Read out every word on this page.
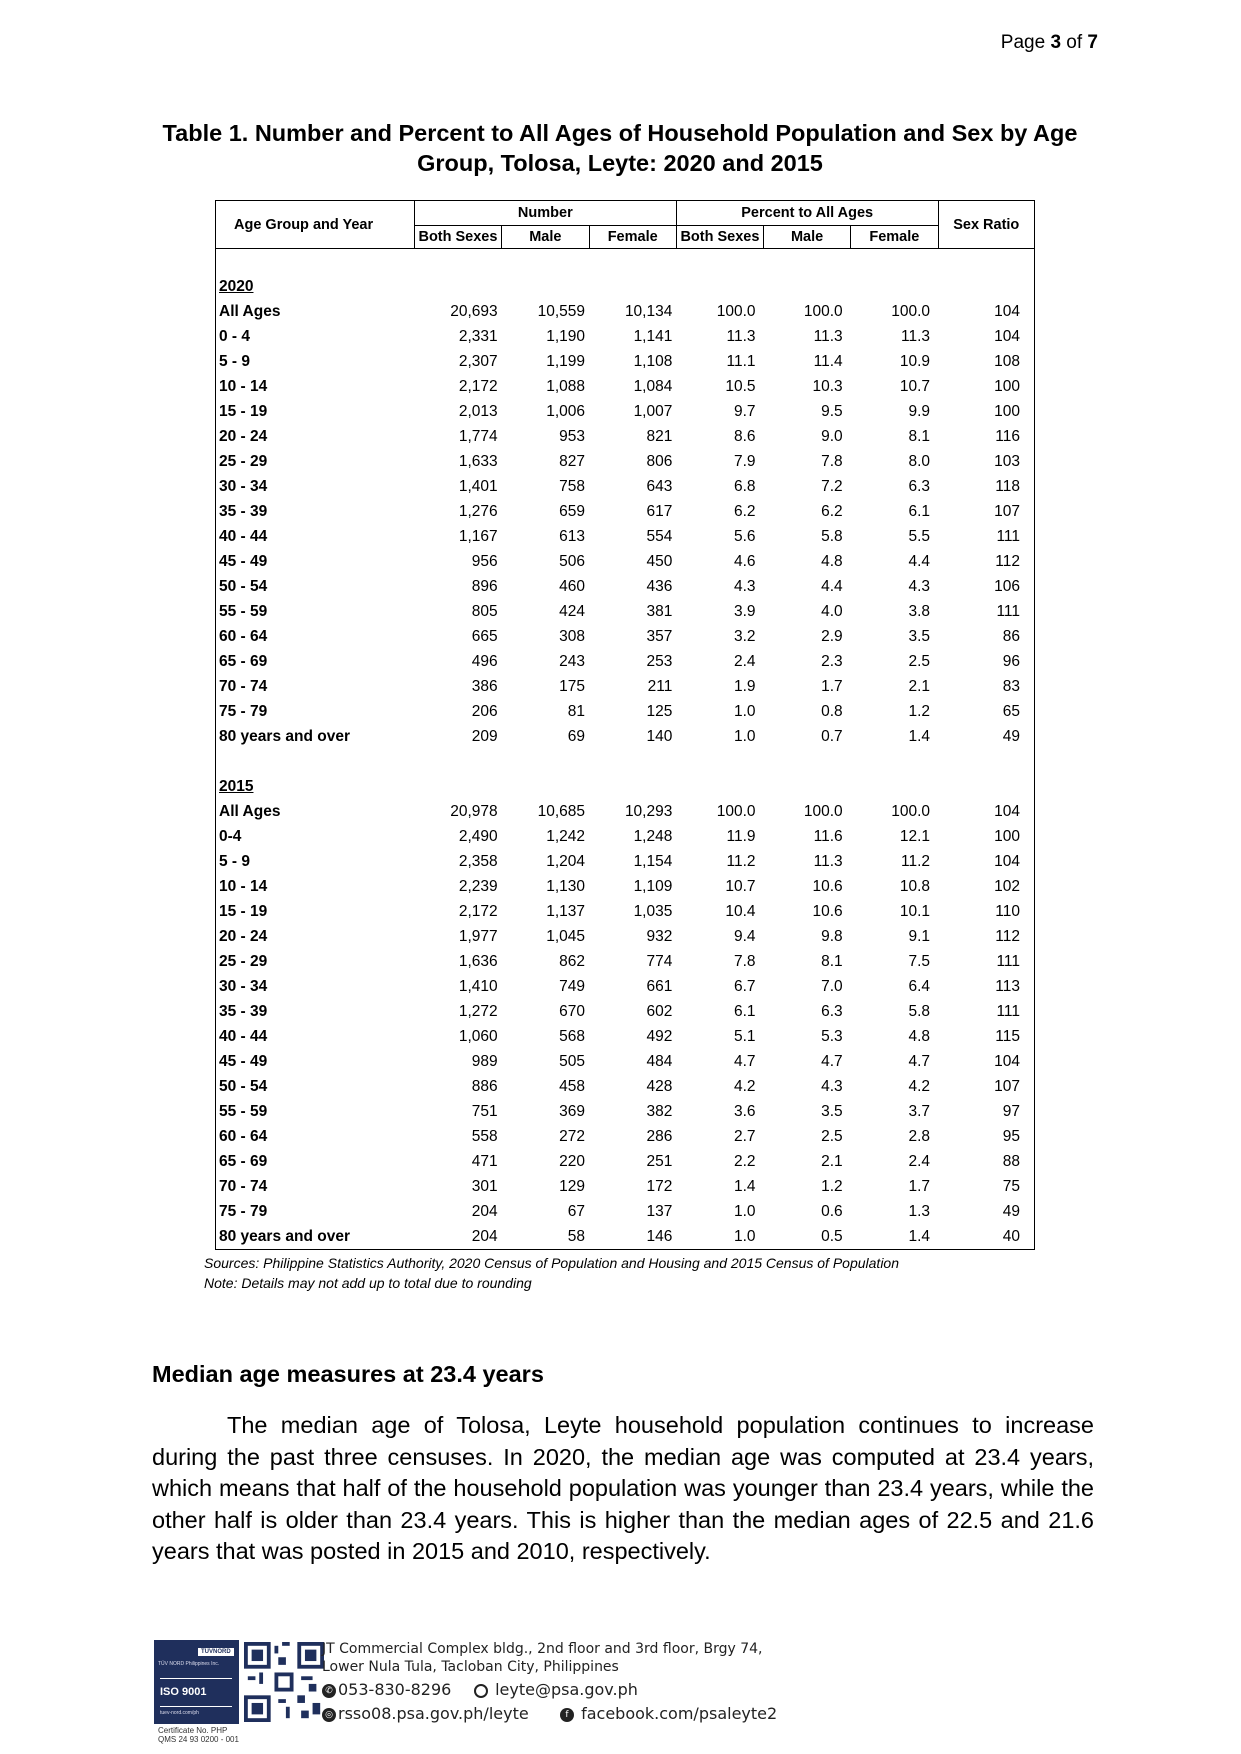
Page 3 of 7
Table 1. Number and Percent to All Ages of Household Population and Sex by Age Group, Tolosa, Leyte: 2020 and 2015
Age Group and Year	Number			Percent to All Ages			Sex Ratio
	Both Sexes	Male	Female	Both Sexes	Male	Female	

2020							
All Ages	20,693	10,559	10,134	100.0	100.0	100.0	104
0 - 4	2,331	1,190	1,141	11.3	11.3	11.3	104
5 - 9	2,307	1,199	1,108	11.1	11.4	10.9	108
10 - 14	2,172	1,088	1,084	10.5	10.3	10.7	100
15 - 19	2,013	1,006	1,007	9.7	9.5	9.9	100
20 - 24	1,774	953	821	8.6	9.0	8.1	116
25 - 29	1,633	827	806	7.9	7.8	8.0	103
30 - 34	1,401	758	643	6.8	7.2	6.3	118
35 - 39	1,276	659	617	6.2	6.2	6.1	107
40 - 44	1,167	613	554	5.6	5.8	5.5	111
45 - 49	956	506	450	4.6	4.8	4.4	112
50 - 54	896	460	436	4.3	4.4	4.3	106
55 - 59	805	424	381	3.9	4.0	3.8	111
60 - 64	665	308	357	3.2	2.9	3.5	86
65 - 69	496	243	253	2.4	2.3	2.5	96
70 - 74	386	175	211	1.9	1.7	2.1	83
75 - 79	206	81	125	1.0	0.8	1.2	65
80 years and over	209	69	140	1.0	0.7	1.4	49

2015							
All Ages	20,978	10,685	10,293	100.0	100.0	100.0	104
0-4	2,490	1,242	1,248	11.9	11.6	12.1	100
5 - 9	2,358	1,204	1,154	11.2	11.3	11.2	104
10 - 14	2,239	1,130	1,109	10.7	10.6	10.8	102
15 - 19	2,172	1,137	1,035	10.4	10.6	10.1	110
20 - 24	1,977	1,045	932	9.4	9.8	9.1	112
25 - 29	1,636	862	774	7.8	8.1	7.5	111
30 - 34	1,410	749	661	6.7	7.0	6.4	113
35 - 39	1,272	670	602	6.1	6.3	5.8	111
40 - 44	1,060	568	492	5.1	5.3	4.8	115
45 - 49	989	505	484	4.7	4.7	4.7	104
50 - 54	886	458	428	4.2	4.3	4.2	107
55 - 59	751	369	382	3.6	3.5	3.7	97
60 - 64	558	272	286	2.7	2.5	2.8	95
65 - 69	471	220	251	2.2	2.1	2.4	88
70 - 74	301	129	172	1.4	1.2	1.7	75
75 - 79	204	67	137	1.0	0.6	1.3	49
80 years and over	204	58	146	1.0	0.5	1.4	40
Sources: Philippine Statistics Authority, 2020 Census of Population and Housing and 2015 Census of Population
Note: Details may not add up to total due to rounding
Median age measures at 23.4 years
The median age of Tolosa, Leyte household population continues to increase during the past three censuses. In 2020, the median age was computed at 23.4 years, which means that half of the household population was younger than 23.4 years, while the other half is older than 23.4 years. This is higher than the median ages of 22.5 and 21.6 years that was posted in 2015 and 2010, respectively.
TÜVNORD
TÜV NORD Philippines Inc.
ISO 9001
tuev-nord.com/ph
Certificate No. PHP
QMS 24 93 0200 - 001
JT Commercial Complex bldg., 2nd floor and 3rd floor, Brgy 74,
Lower Nula Tula, Tacloban City, Philippines
✆ 053-830-8296	leyte@psa.gov.ph
◎ rsso08.psa.gov.ph/leyte	f facebook.com/psaleyte2
